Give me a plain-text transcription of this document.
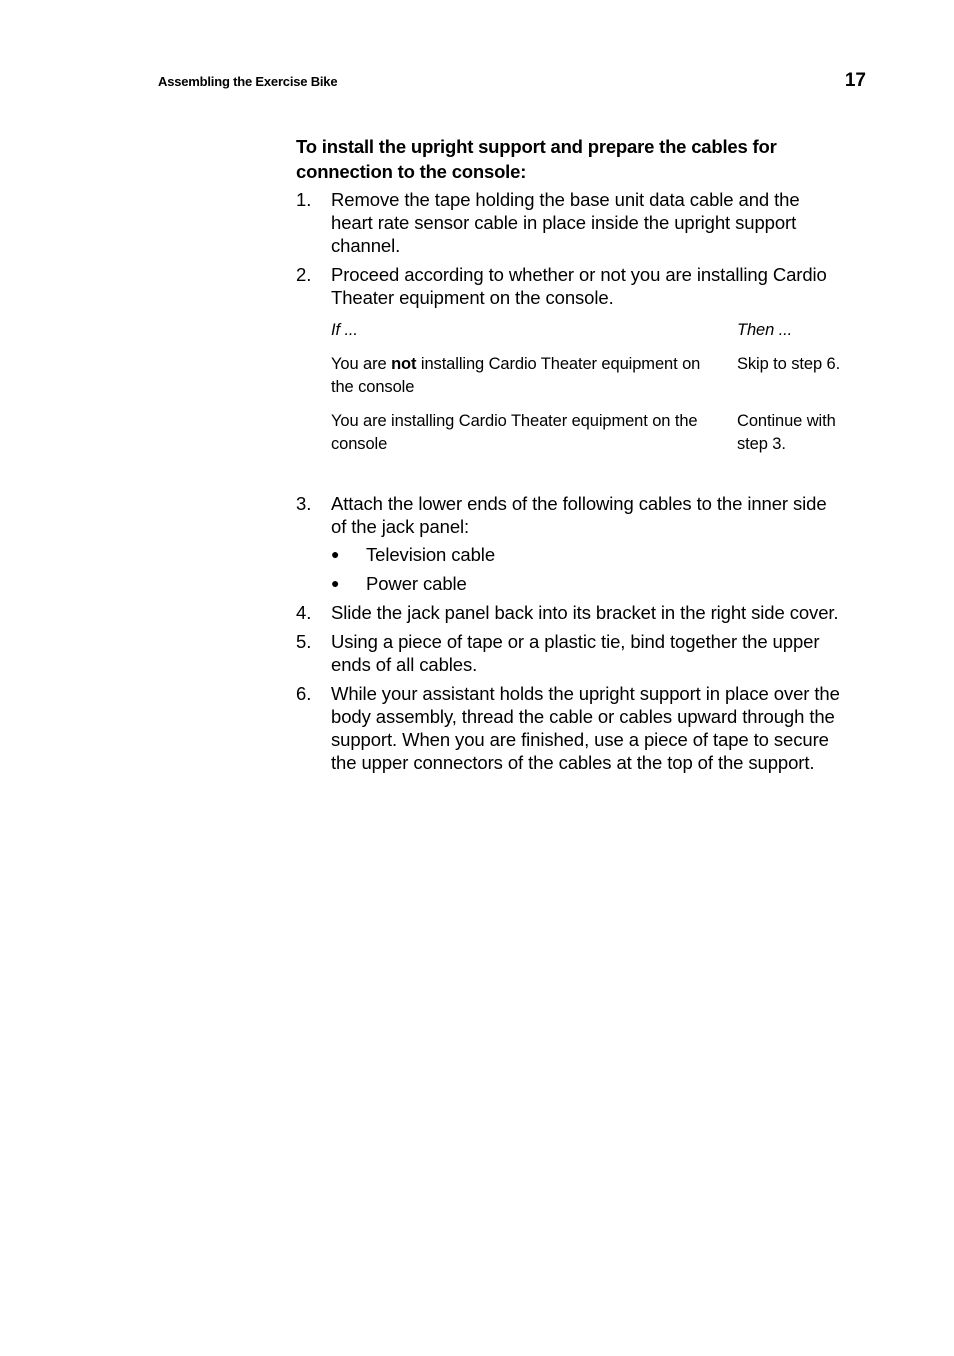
Assembling the Exercise Bike	17
To install the upright support and prepare the cables for connection to the console:
1.	Remove the tape holding the base unit data cable and the heart rate sensor cable in place inside the upright support channel.
2.	Proceed according to whether or not you are installing Cardio Theater equipment on the console.
If ...	Then ...
You are not installing Cardio Theater equipment on the console	Skip to step 6.
You are installing Cardio Theater equipment on the console	Continue with step 3.
3.	Attach the lower ends of the following cables to the inner side of the jack panel:
●	Television cable
●	Power cable
4.	Slide the jack panel back into its bracket in the right side cover.
5.	Using a piece of tape or a plastic tie, bind together the upper ends of all cables.
6.	While your assistant holds the upright support in place over the body assembly, thread the cable or cables upward through the support. When you are finished, use a piece of tape to secure the upper connectors of the cables at the top of the support.
